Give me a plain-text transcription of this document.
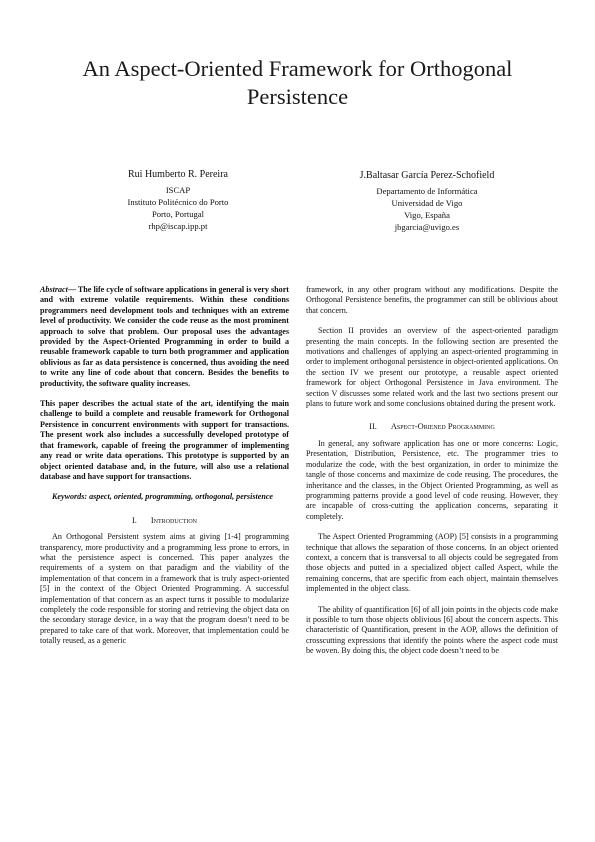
An Aspect-Oriented Framework for Orthogonal Persistence
Rui Humberto R. Pereira
ISCAP
Instituto Politécnico do Porto
Porto, Portugal
rhp@iscap.ipp.pt
J.Baltasar García Perez-Schofield
Departamento de Informática
Universidad de Vigo
Vigo, España
jbgarcia@uvigo.es

Abstract— The life cycle of software applications in general is very short and with extreme volatile requirements. Within these conditions programmers need development tools and techniques with an extreme level of productivity. We consider the code reuse as the most prominent approach to solve that problem. Our proposal uses the advantages provided by the Aspect-Oriented Programming in order to build a reusable framework capable to turn both programmer and application oblivious as far as data persistence is concerned, thus avoiding the need to write any line of code about that concern. Besides the benefits to productivity, the software quality increases.

This paper describes the actual state of the art, identifying the main challenge to build a complete and reusable framework for Orthogonal Persistence in concurrent environments with support for transactions. The present work also includes a successfully developed prototype of that framework, capable of freeing the programmer of implementing any read or write data operations. This prototype is supported by an object oriented database and, in the future, will also use a relational database and have support for transactions.

Keywords: aspect, oriented, programming, orthogonal, persistence

I. Introduction

An Orthogonal Persistent system aims at giving [1-4] programming transparency, more productivity and a programming less prone to errors, in what the persistence aspect is concerned. This paper analyzes the requirements of a system on that paradigm and the viability of the implementation of that concern in a framework that is truly aspect-oriented [5] in the context of the Object Oriented Programming. A successful implementation of that concern as an aspect turns it possible to modularize completely the code responsible for storing and retrieving the object data on the secondary storage device, in a way that the program doesn’t need to be prepared to take care of that work. Moreover, that implementation could be totally reused, as a generic

framework, in any other program without any modifications. Despite the Orthogonal Persistence benefits, the programmer can still be oblivious about that concern.

Section II provides an overview of the aspect-oriented paradigm presenting the main concepts. In the following section are presented the motivations and challenges of applying an aspect-oriented programming in order to implement orthogonal persistence in object-oriented applications. On the section IV we present our prototype, a reusable aspect oriented framework for object Orthogonal Persistence in Java environment. The section V discusses some related work and the last two sections present our plans to future work and some conclusions obtained during the present work.

II. Aspect-Oriened Programming

In general, any software application has one or more concerns: Logic, Presentation, Distribution, Persistence, etc. The programmer tries to modularize the code, with the best organization, in order to minimize the tangle of those concerns and maximize de code reusing. The procedures, the inheritance and the classes, in the Object Oriented Programming, as well as programming patterns provide a good level of code reusing. However, they are incapable of cross-cutting the application concerns, separating it completely.

The Aspect Oriented Programming (AOP) [5] consists in a programming technique that allows the separation of those concerns. In an object oriented context, a concern that is transversal to all objects could be segregated from those objects and putted in a specialized object called Aspect, while the remaining concerns, that are specific from each object, maintain themselves implemented in the object class.

The ability of quantification [6] of all join points in the objects code make it possible to turn those objects oblivious [6] about the concern aspects. This characteristic of Quantification, present in the AOP, allows the definition of crosscutting expressions that identify the points where the aspect code must be woven. By doing this, the object code doesn’t need to be
